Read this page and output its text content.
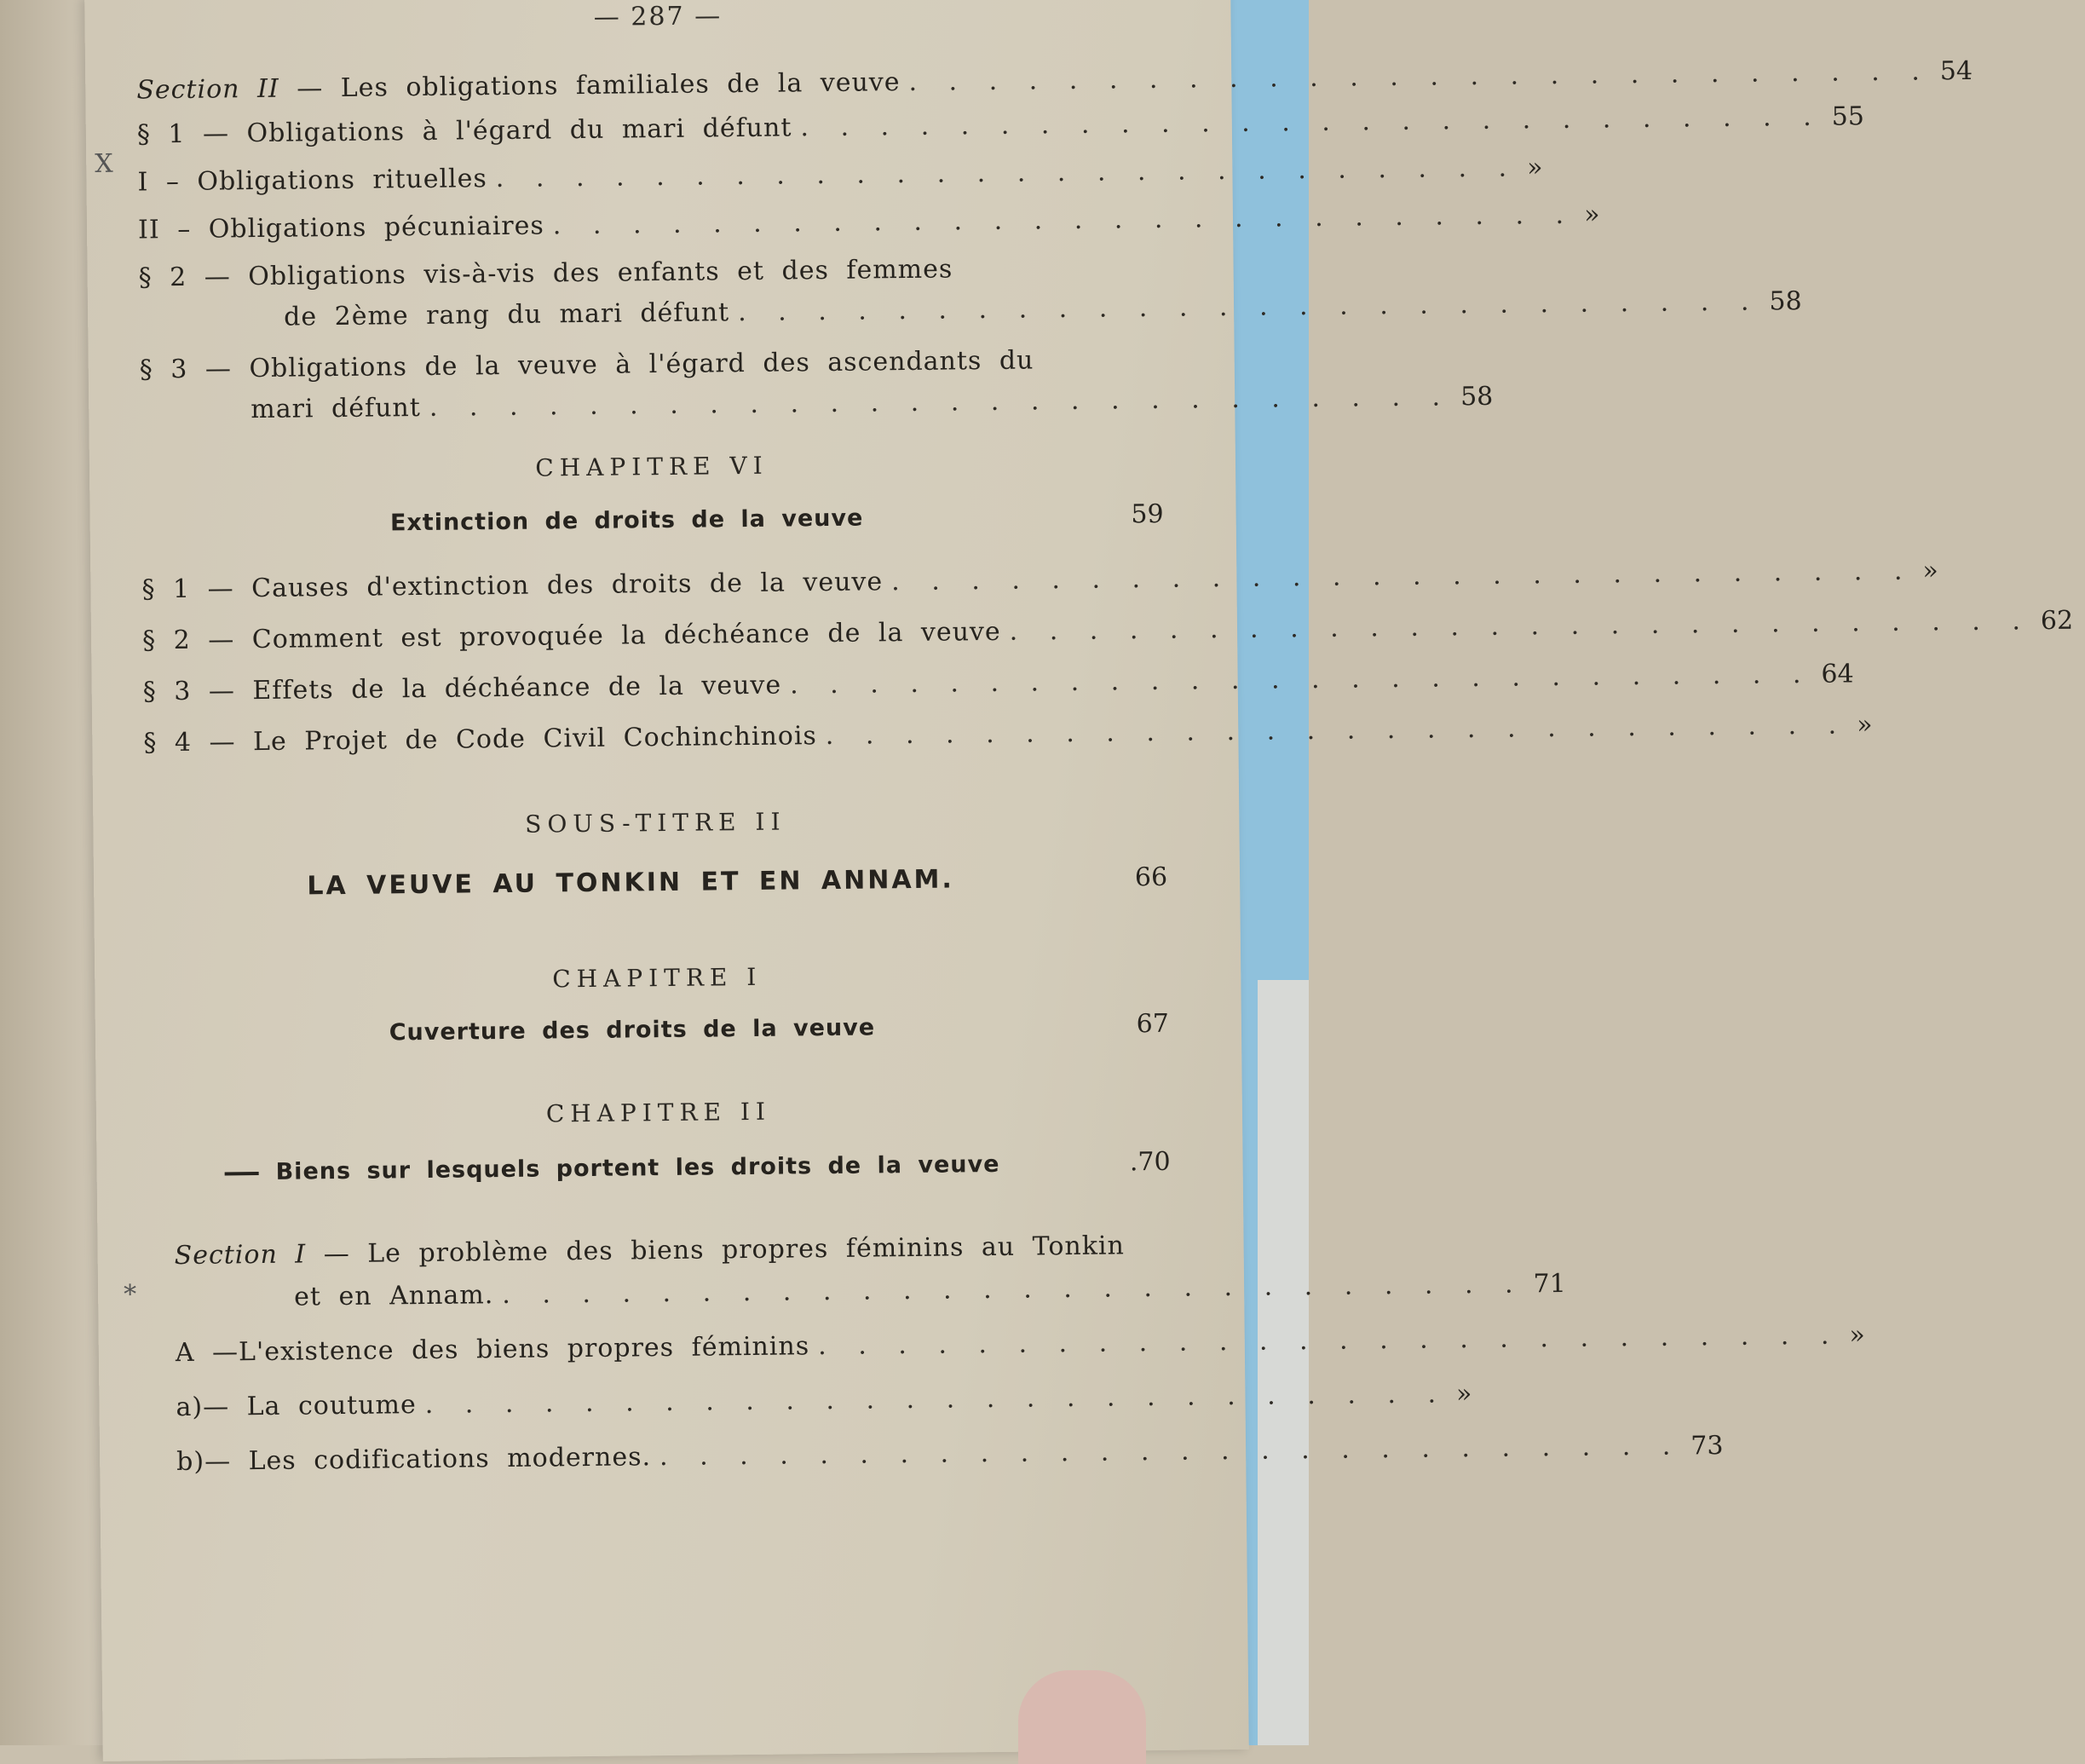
— 287 —
Section II — Les obligations familiales de la veuve . . . . . . . . . . . . . . . . . . . . . . . . . . 54
§ 1 — Obligations à l'égard du mari défunt . . . . . . . . . . . . . . . . . . . . . . . . . . 55
I – Obligations rituelles . . . . . . . . . . . . . . . . . . . . . . . . . . »
II – Obligations pécuniaires . . . . . . . . . . . . . . . . . . . . . . . . . . »
§ 2 — Obligations vis-à-vis des enfants et des femmes
de 2ème rang du mari défunt . . . . . . . . . . . . . . . . . . . . . . . . . . 58
§ 3 — Obligations de la veuve à l'égard des ascendants du
mari défunt . . . . . . . . . . . . . . . . . . . . . . . . . . 58
CHAPITRE VI
Extinction de droits de la veuve	59
§ 1 — Causes d'extinction des droits de la veuve . . . . . . . . . . . . . . . . . . . . . . . . . . »
§ 2 — Comment est provoquée la déchéance de la veuve . . . . . . . . . . . . . . . . . . . . . . . . . . 62
§ 3 — Effets de la déchéance de la veuve . . . . . . . . . . . . . . . . . . . . . . . . . . 64
§ 4 — Le Projet de Code Civil Cochinchinois . . . . . . . . . . . . . . . . . . . . . . . . . . »
SOUS-TITRE II
LA VEUVE AU TONKIN ET EN ANNAM.	66
CHAPITRE I
Cuverture des droits de la veuve	67
CHAPITRE II
Biens sur lesquels portent les droits de la veuve	.70
Section I — Le problème des biens propres féminins au Tonkin
et en Annam. . . . . . . . . . . . . . . . . . . . . . . . . . . 71
A —L'existence des biens propres féminins . . . . . . . . . . . . . . . . . . . . . . . . . . »
a)— La coutume . . . . . . . . . . . . . . . . . . . . . . . . . . »
b)— Les codifications modernes. . . . . . . . . . . . . . . . . . . . . . . . . . . 73
X
*
